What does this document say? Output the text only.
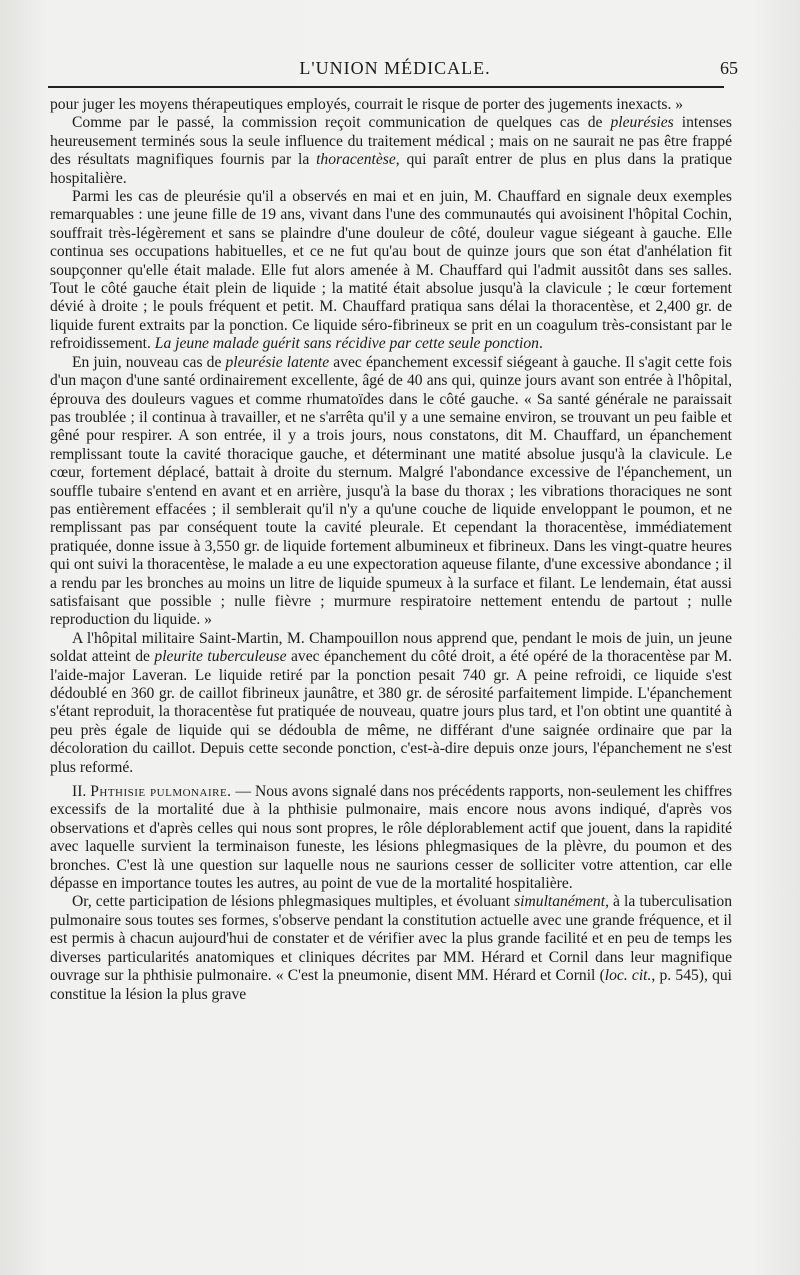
L'UNION MÉDICALE.	65

pour juger les moyens thérapeutiques employés, courrait le risque de porter des jugements inexacts. »

Comme par le passé, la commission reçoit communication de quelques cas de pleurésies intenses heureusement terminés sous la seule influence du traitement médical ; mais on ne saurait ne pas être frappé des résultats magnifiques fournis par la thoracentèse, qui paraît entrer de plus en plus dans la pratique hospitalière.

Parmi les cas de pleurésie qu'il a observés en mai et en juin, M. Chauffard en signale deux exemples remarquables : une jeune fille de 19 ans, vivant dans l'une des communautés qui avoisinent l'hôpital Cochin, souffrait très-légèrement et sans se plaindre d'une douleur de côté, douleur vague siégeant à gauche. Elle continua ses occupations habituelles, et ce ne fut qu'au bout de quinze jours que son état d'anhélation fit soupçonner qu'elle était malade. Elle fut alors amenée à M. Chauffard qui l'admit aussitôt dans ses salles. Tout le côté gauche était plein de liquide ; la matité était absolue jusqu'à la clavicule ; le cœur fortement dévié à droite ; le pouls fréquent et petit. M. Chauffard pratiqua sans délai la thoracentèse, et 2,400 gr. de liquide furent extraits par la ponction. Ce liquide séro-fibrineux se prit en un coagulum très-consistant par le refroidissement. La jeune malade guérit sans récidive par cette seule ponction.

En juin, nouveau cas de pleurésie latente avec épanchement excessif siégeant à gauche. Il s'agit cette fois d'un maçon d'une santé ordinairement excellente, âgé de 40 ans qui, quinze jours avant son entrée à l'hôpital, éprouva des douleurs vagues et comme rhumatoïdes dans le côté gauche. « Sa santé générale ne paraissait pas troublée ; il continua à travailler, et ne s'arrêta qu'il y a une semaine environ, se trouvant un peu faible et gêné pour respirer. A son entrée, il y a trois jours, nous constatons, dit M. Chauffard, un épanchement remplissant toute la cavité thoracique gauche, et déterminant une matité absolue jusqu'à la clavicule. Le cœur, fortement déplacé, battait à droite du sternum. Malgré l'abondance excessive de l'épanchement, un souffle tubaire s'entend en avant et en arrière, jusqu'à la base du thorax ; les vibrations thoraciques ne sont pas entièrement effacées ; il semblerait qu'il n'y a qu'une couche de liquide enveloppant le poumon, et ne remplissant pas par conséquent toute la cavité pleurale. Et cependant la thoracentèse, immédiatement pratiquée, donne issue à 3,550 gr. de liquide fortement albumineux et fibrineux. Dans les vingt-quatre heures qui ont suivi la thoracentèse, le malade a eu une expectoration aqueuse filante, d'une excessive abondance ; il a rendu par les bronches au moins un litre de liquide spumeux à la surface et filant. Le lendemain, état aussi satisfaisant que possible ; nulle fièvre ; murmure respiratoire nettement entendu de partout ; nulle reproduction du liquide. »

A l'hôpital militaire Saint-Martin, M. Champouillon nous apprend que, pendant le mois de juin, un jeune soldat atteint de pleurite tuberculeuse avec épanchement du côté droit, a été opéré de la thoracentèse par M. l'aide-major Laveran. Le liquide retiré par la ponction pesait 740 gr. A peine refroidi, ce liquide s'est dédoublé en 360 gr. de caillot fibrineux jaunâtre, et 380 gr. de sérosité parfaitement limpide. L'épanchement s'étant reproduit, la thoracentèse fut pratiquée de nouveau, quatre jours plus tard, et l'on obtint une quantité à peu près égale de liquide qui se dédoubla de même, ne différant d'une saignée ordinaire que par la décoloration du caillot. Depuis cette seconde ponction, c'est-à-dire depuis onze jours, l'épanchement ne s'est plus reformé.

II. Phthisie pulmonaire. — Nous avons signalé dans nos précédents rapports, non-seulement les chiffres excessifs de la mortalité due à la phthisie pulmonaire, mais encore nous avons indiqué, d'après vos observations et d'après celles qui nous sont propres, le rôle déplorablement actif que jouent, dans la rapidité avec laquelle survient la terminaison funeste, les lésions phlegmasiques de la plèvre, du poumon et des bronches. C'est là une question sur laquelle nous ne saurions cesser de solliciter votre attention, car elle dépasse en importance toutes les autres, au point de vue de la mortalité hospitalière.

Or, cette participation de lésions phlegmasiques multiples, et évoluant simultanément, à la tuberculisation pulmonaire sous toutes ses formes, s'observe pendant la constitution actuelle avec une grande fréquence, et il est permis à chacun aujourd'hui de constater et de vérifier avec la plus grande facilité et en peu de temps les diverses particularités anatomiques et cliniques décrites par MM. Hérard et Cornil dans leur magnifique ouvrage sur la phthisie pulmonaire. « C'est la pneumonie, disent MM. Hérard et Cornil (loc. cit., p. 545), qui constitue la lésion la plus grave
